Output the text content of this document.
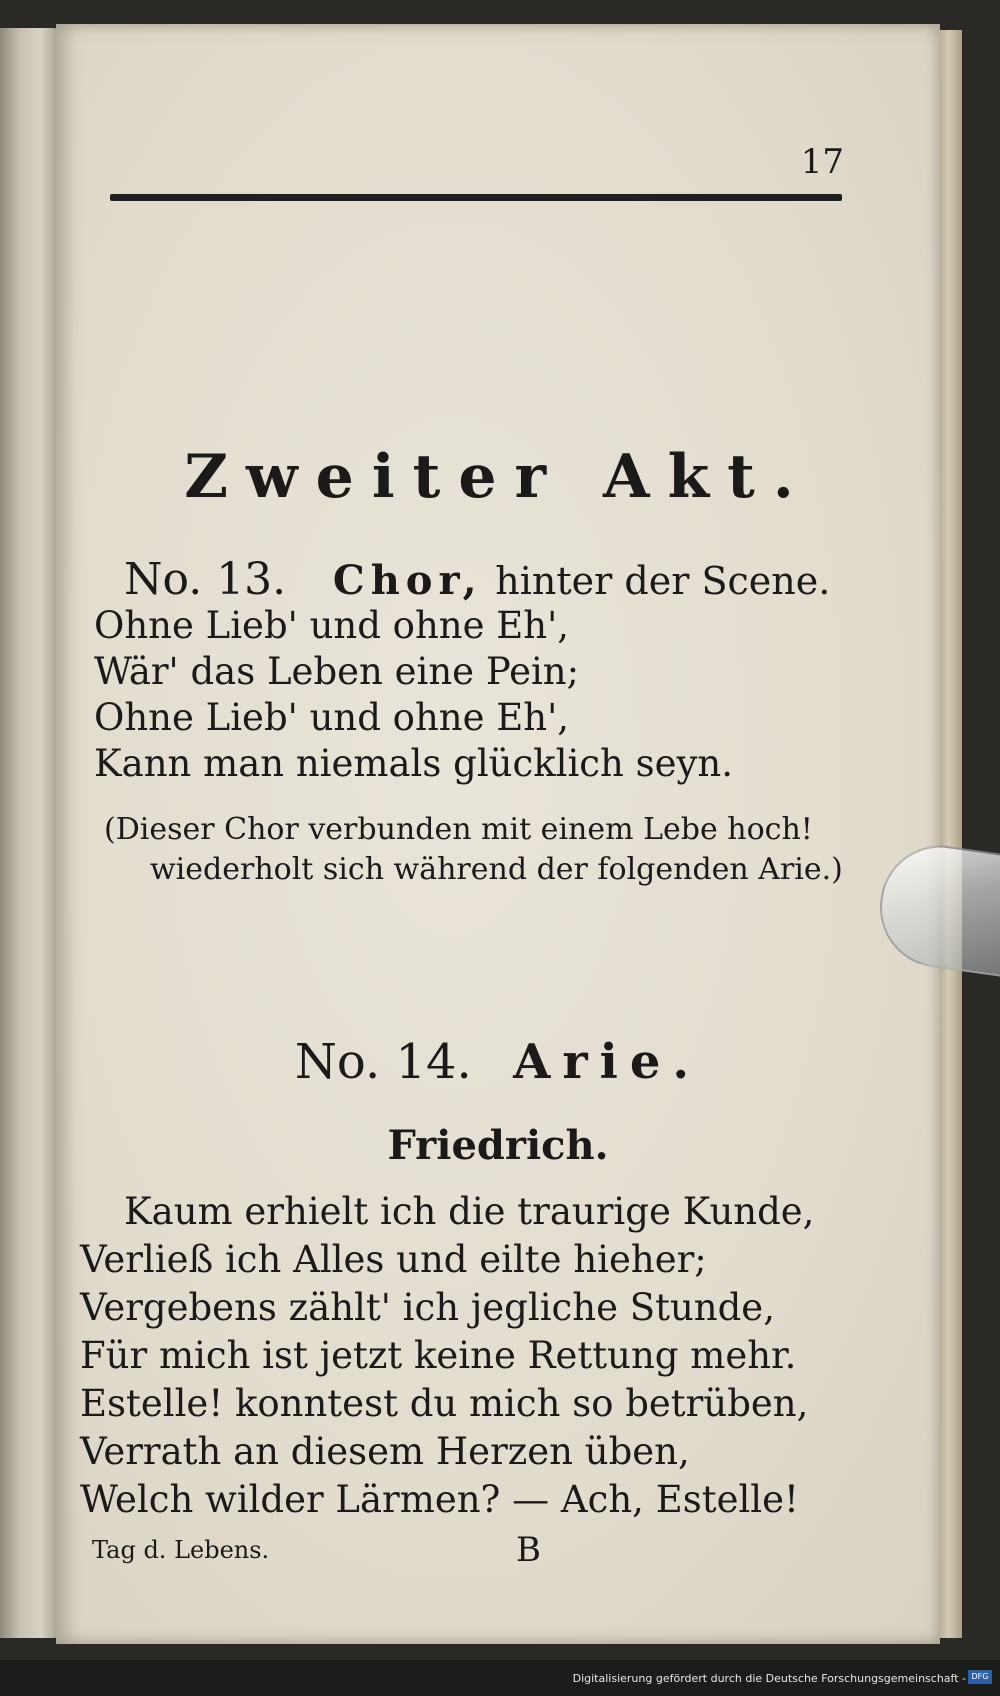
17
Zweiter Akt.
No. 13. Chor, hinter der Scene.
Ohne Lieb' und ohne Eh',
Wär' das Leben eine Pein;
Ohne Lieb' und ohne Eh',
Kann man niemals glücklich seyn.
(Dieser Chor verbunden mit einem Lebe hoch!
wiederholt sich während der folgenden Arie.)
No. 14. Arie.
Friedrich.
Kaum erhielt ich die traurige Kunde,
Verließ ich Alles und eilte hieher;
Vergebens zählt' ich jegliche Stunde,
Für mich ist jetzt keine Rettung mehr.
Estelle! konntest du mich so betrüben,
Verrath an diesem Herzen üben,
Welch wilder Lärmen? — Ach, Estelle!
Tag d. Lebens.	B
Digitalisierung gefördert durch die Deutsche Forschungsgemeinschaft - DFG
